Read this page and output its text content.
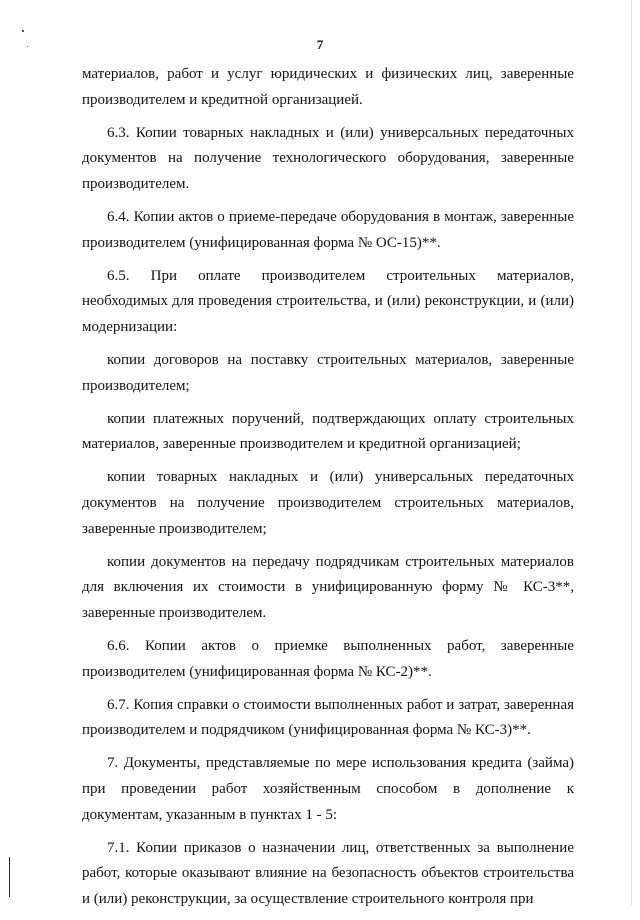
7

материалов, работ и услуг юридических и физических лиц, заверенные производителем и кредитной организацией.

6.3. Копии товарных накладных и (или) универсальных передаточных документов на получение технологического оборудования, заверенные производителем.

6.4. Копии актов о приеме-передаче оборудования в монтаж, заверенные производителем (унифицированная форма № ОС-15)**.

6.5. При оплате производителем строительных материалов, необходимых для проведения строительства, и (или) реконструкции, и (или) модернизации:

копии договоров на поставку строительных материалов, заверенные производителем;

копии платежных поручений, подтверждающих оплату строительных материалов, заверенные производителем и кредитной организацией;

копии товарных накладных и (или) универсальных передаточных документов на получение производителем строительных материалов, заверенные производителем;

копии документов на передачу подрядчикам строительных материалов для включения их стоимости в унифицированную форму № КС-3**, заверенные производителем.

6.6. Копии актов о приемке выполненных работ, заверенные производителем (унифицированная форма № КС-2)**.

6.7. Копия справки о стоимости выполненных работ и затрат, заверенная производителем и подрядчиком (унифицированная форма № КС-3)**.

7. Документы, представляемые по мере использования кредита (займа) при проведении работ хозяйственным способом в дополнение к документам, указанным в пунктах 1 - 5:

7.1. Копии приказов о назначении лиц, ответственных за выполнение работ, которые оказывают влияние на безопасность объектов строительства и (или) реконструкции, за осуществление строительного контроля при
